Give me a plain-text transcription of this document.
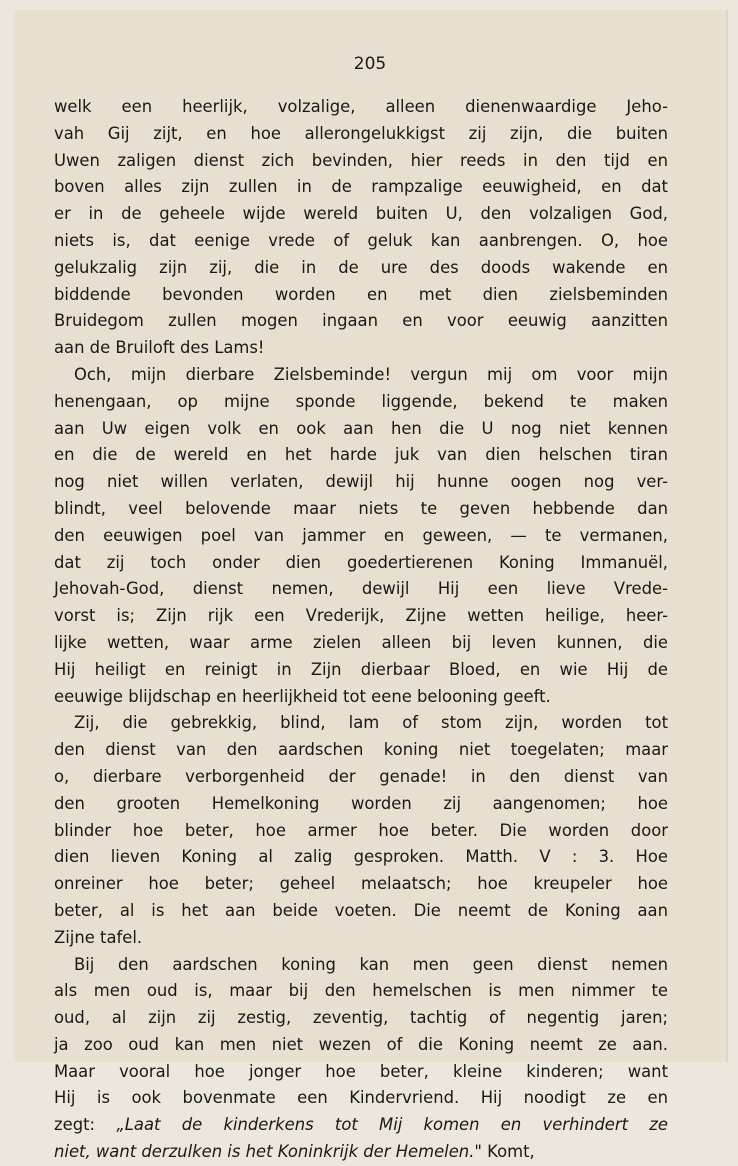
205

welk een heerlijk, volzalige, alleen dienenwaardige Jeho-
vah Gij zijt, en hoe allerongelukkigst zij zijn, die buiten
Uwen zaligen dienst zich bevinden, hier reeds in den tijd en
boven alles zijn zullen in de rampzalige eeuwigheid, en dat
er in de geheele wijde wereld buiten U, den volzaligen God,
niets is, dat eenige vrede of geluk kan aanbrengen. O, hoe
gelukzalig zijn zij, die in de ure des doods wakende en
biddende bevonden worden en met dien zielsbeminden
Bruidegom zullen mogen ingaan en voor eeuwig aanzitten
aan de Bruiloft des Lams!
Och, mijn dierbare Zielsbeminde! vergun mij om voor mijn
henengaan, op mijne sponde liggende, bekend te maken
aan Uw eigen volk en ook aan hen die U nog niet kennen
en die de wereld en het harde juk van dien helschen tiran
nog niet willen verlaten, dewijl hij hunne oogen nog ver-
blindt, veel belovende maar niets te geven hebbende dan
den eeuwigen poel van jammer en geween, — te vermanen,
dat zij toch onder dien goedertierenen Koning Immanuël,
Jehovah-God, dienst nemen, dewijl Hij een lieve Vrede-
vorst is; Zijn rijk een Vrederijk, Zijne wetten heilige, heer-
lijke wetten, waar arme zielen alleen bij leven kunnen, die
Hij heiligt en reinigt in Zijn dierbaar Bloed, en wie Hij de
eeuwige blijdschap en heerlijkheid tot eene belooning geeft.
Zij, die gebrekkig, blind, lam of stom zijn, worden tot
den dienst van den aardschen koning niet toegelaten; maar
o, dierbare verborgenheid der genade! in den dienst van
den grooten Hemelkoning worden zij aangenomen; hoe
blinder hoe beter, hoe armer hoe beter. Die worden door
dien lieven Koning al zalig gesproken. Matth. V : 3. Hoe
onreiner hoe beter; geheel melaatsch; hoe kreupeler hoe
beter, al is het aan beide voeten. Die neemt de Koning aan
Zijne tafel.
Bij den aardschen koning kan men geen dienst nemen
als men oud is, maar bij den hemelschen is men nimmer te
oud, al zijn zij zestig, zeventig, tachtig of negentig jaren;
ja zoo oud kan men niet wezen of die Koning neemt ze aan.
Maar vooral hoe jonger hoe beter, kleine kinderen; want
Hij is ook bovenmate een Kindervriend. Hij noodigt ze en
zegt: „Laat de kinderkens tot Mij komen en verhindert ze
niet, want derzulken is het Koninkrijk der Hemelen." Komt,
